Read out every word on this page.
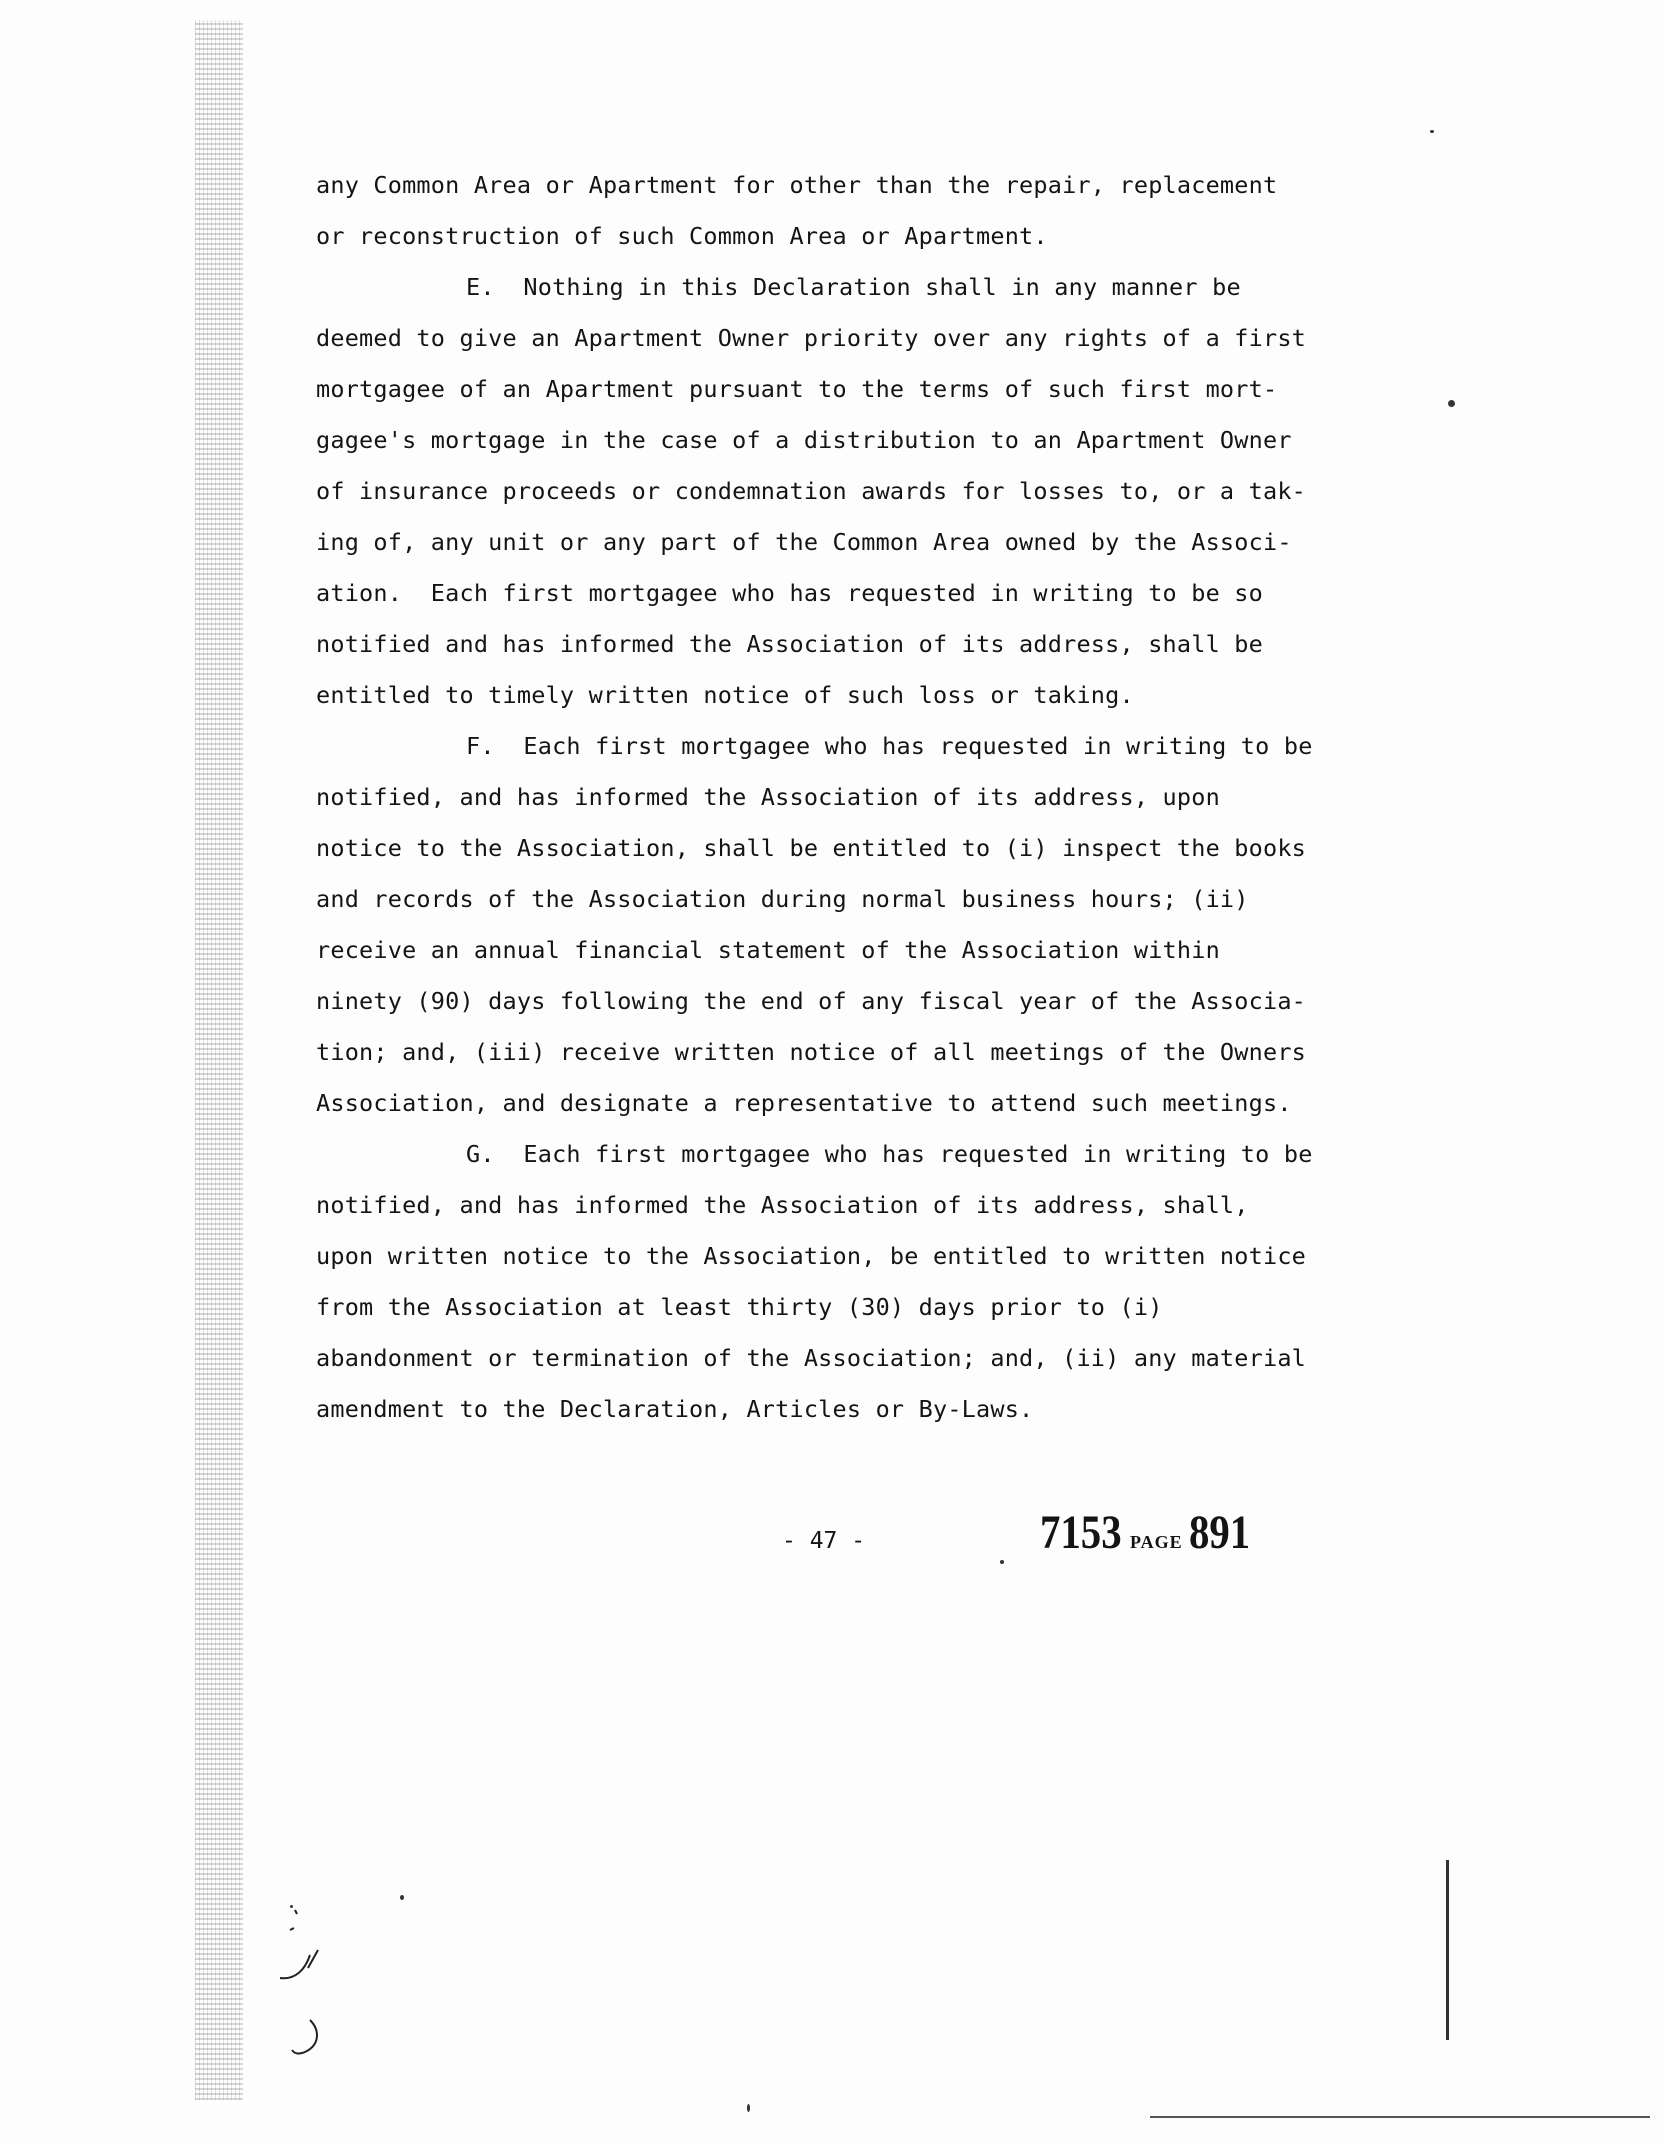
any Common Area or Apartment for other than the repair, replacement
or reconstruction of such Common Area or Apartment.
E.  Nothing in this Declaration shall in any manner be
deemed to give an Apartment Owner priority over any rights of a first
mortgagee of an Apartment pursuant to the terms of such first mort-
gagee's mortgage in the case of a distribution to an Apartment Owner
of insurance proceeds or condemnation awards for losses to, or a tak-
ing of, any unit or any part of the Common Area owned by the Associ-
ation.  Each first mortgagee who has requested in writing to be so
notified and has informed the Association of its address, shall be
entitled to timely written notice of such loss or taking.
F.  Each first mortgagee who has requested in writing to be
notified, and has informed the Association of its address, upon
notice to the Association, shall be entitled to (i) inspect the books
and records of the Association during normal business hours; (ii)
receive an annual financial statement of the Association within
ninety (90) days following the end of any fiscal year of the Associa-
tion; and, (iii) receive written notice of all meetings of the Owners
Association, and designate a representative to attend such meetings.
G.  Each first mortgagee who has requested in writing to be
notified, and has informed the Association of its address, shall,
upon written notice to the Association, be entitled to written notice
from the Association at least thirty (30) days prior to (i)
abandonment or termination of the Association; and, (ii) any material
amendment to the Declaration, Articles or By-Laws.
- 47 -	7153 PAGE 891
